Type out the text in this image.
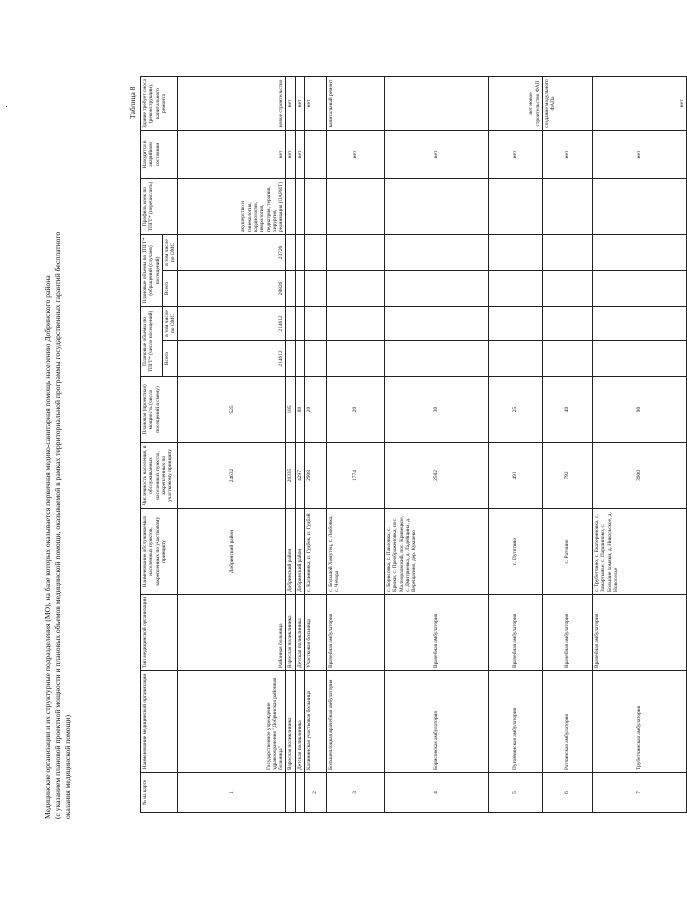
Медицинские организации и их структурные подразделения (МО), на базе которых оказывается первичная медико-санитарная помощь населению Добринского района (с указанием плановой проектной мощности и плановых объемов медицинской помощи, оказываемой в рамках территориальной программы государственных гарантий бесплатного оказания медицинской помощи)
Таблица 8
№ на карте	Наименование медицинской организации	Тип медицинской организации	Наименование обслуживаемых населенных пунктов, закрепленных по участковому принципу	Численность населения, в обслуживаемых населенных пунктах, закрепленных по участковому принципу	Плановая (проектная) мощность (число посещений в смену)	Плановые объемы по ТПГГ* (число посещений)		Плановые объемы по ТПГГ* (обращений (случаев) посещений)		Профиль коек по ТПГГ* (перечислить)	Находится в аварийном состоянии	Здание требует сноса (реконструкции), капитального ремонта
						Всего	в том числе по ОМС	Всего	в том числе по ОМС			
1	Государственное учреждение здравоохранения "Добринская районная больница"	Районная больница	Добринский район	24632	525	214612	214612	28826	23726	акушерство и гинекология, кардиология, неврология, педиатрия, терапия, хирургия, реанимация (ОАРИТ)	нет	новое строительство
	Взрослая поликлиника	Взрослая поликлиника	Добринский район	20335	185						нет	нет
	Детская поликлиника	Детская поликлиника	Добринский район	4297	80						нет	нет
2	Калининская участковая больница	Участковая больница	с. Калининка, п. Гудбек, п. Гудбай	2908	20							нет
3	Большеплоцкая врачебная амбулатория	Врачебная амбулатория	с. Большой Хомутец, с. Любовка, с. Чечора	1774	20						нет	капитальный ремонт
4	Борисовская амбулатория	Врачебная амбулатория	с. Борисовка, с. Павловка, с. Крюки, с. Преображеновка, пос. Малоорловский, пос. Кривецкое, с. Дмитриевка, д. Ладейщина, д. Верещагино, дер. Кукшево	2582	30						нет	
5	Пуговчинская амбулатория	Врачебная амбулатория	с. Путятино	491	25						нет	нет новое строительство ФАП
6	Ратчинская амбулатория	Врачебная амбулатория	с. Ратчино	792	40						нет	создание модульного ФАПа
7	Трубетчинская амбулатория	Врачебная амбулатория	с. Трубетчино, с. Екатериновка, с. Замартынье, с. Паршиново, с. Большие хомяки, д. Никольское, д. Новоселье	3900	90						нет	нет
